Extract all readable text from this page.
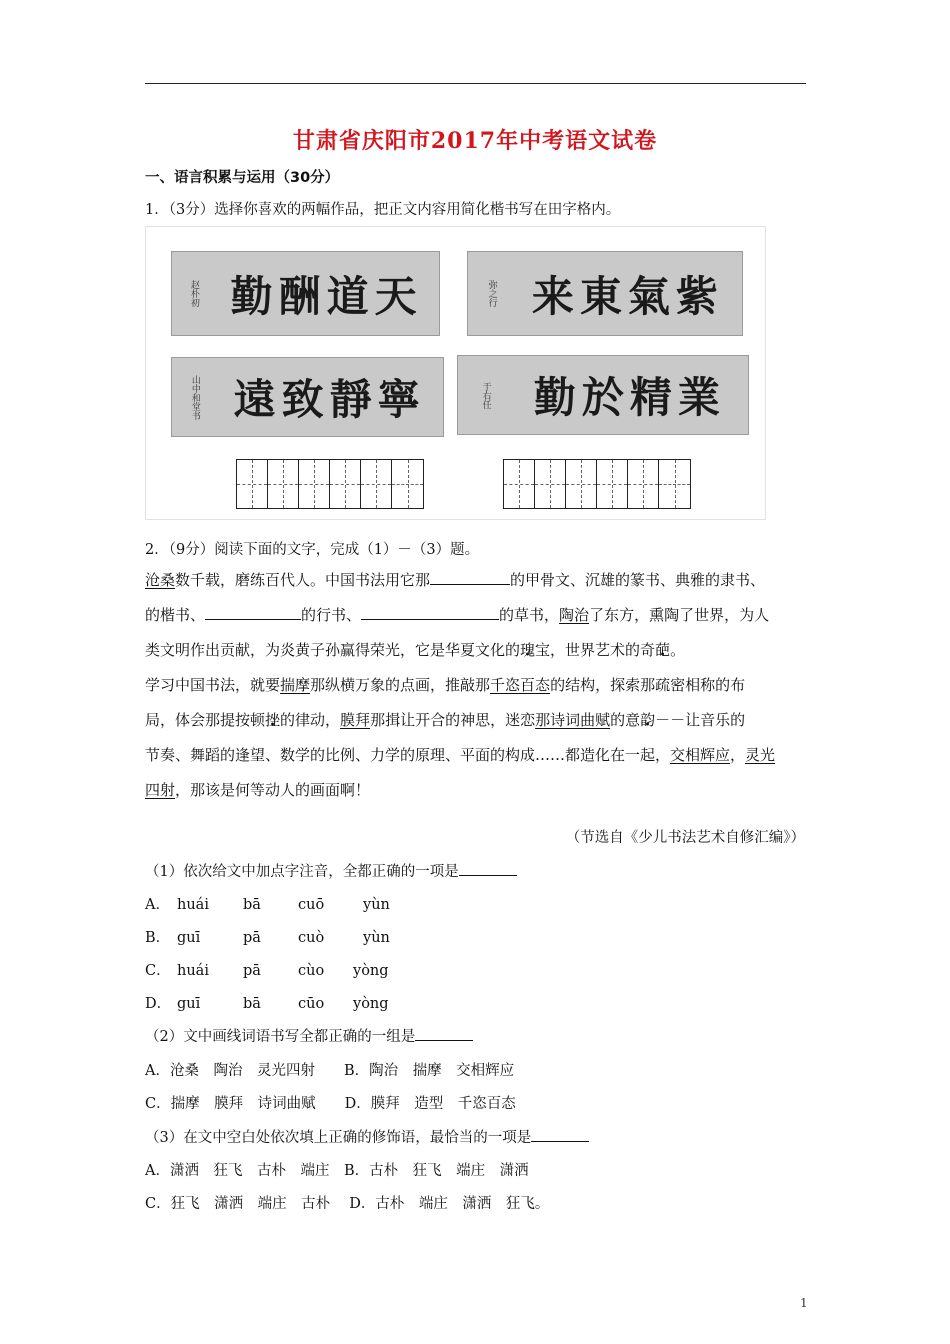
甘肃省庆阳市2017年中考语文试卷
一、语言积累与运用（30分）
1．（3分）选择你喜欢的两幅作品，把正文内容用简化楷书写在田字格内。
赵朴初 勤酬道天	弥之行 来東氣紫
山中和堂书 遠致靜寧	于右任 勤於精業
2．（9分）阅读下面的文字，完成（1）－（3）题。
沧桑数千载，磨练百代人。中国书法用它那	的甲骨文、沉雄的篆书、典雅的隶书、
的楷书、	的行书、	的草书，陶治了东方，熏陶了世界，为人
类文明作出贡献，为炎黄子孙赢得荣光，它是华夏文化的瑰宝，世界艺术的奇葩。
学习中国书法，就要揣摩那纵横万象的点画，推敲那千恣百态的结构，探索那疏密相称的布
局，体会那提按顿挫的律动，膜拜那揖让开合的神思，迷恋那诗词曲赋的意韵－－让音乐的
节奏、舞蹈的逢望、数学的比例、力学的原理、平面的构成……都造化在一起，交相辉应，灵光
四射，那该是何等动人的画面啊！
（节选自《少儿书法艺术自修汇编》）
（1）依次给文中加点字注音，全都正确的一项是
A． huái bā	cuō	yùn
B． guī	pā	cuò	yùn
C． huái pā	cùo yòng
D． guī	bā	cūo yòng
（2）文中画线词语书写全都正确的一组是
A．沧桑　陶治　灵光四射　　B．陶治　揣摩　交相辉应
C．揣摩　膜拜　诗词曲赋　　D．膜拜　造型　千恣百态
（3）在文中空白处依次填上正确的修饰语，最恰当的一项是
A．潇洒　狂飞　古朴　端庄　B．古朴　狂飞　端庄　潇洒
C．狂飞　潇洒　端庄　古朴　 D．古朴　端庄　潇洒　狂飞。
1
